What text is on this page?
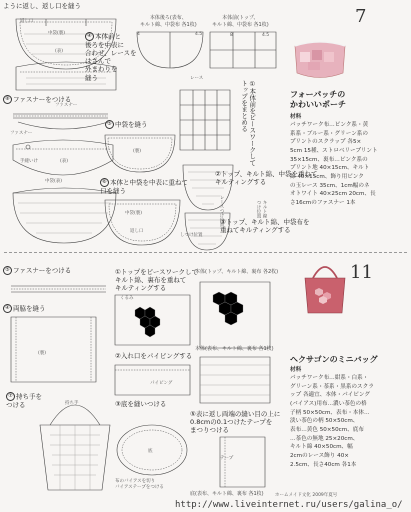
ように返し、返し口を縫う
中袋(裏)
(表)
返し口
⑧ ファスナーをつける
ファスナー
ファスナー
手縫いけ	(表)
中袋(表)
④ 本体前と
後ろを中表に
合わせ、レースを
はさんで
外まわりを
縫う
⑤ 中袋を縫う
(裏)
⑥ 本体と中袋を中表に重ねて
口を縫う
中袋(裏)
返し口
本体後ろ(表布、
キルト綿、中袋布 各1枚)
4	4.5
本体前(トップ、
キルト綿、中袋布 各1枚)
8	4.5
レース
①本体前をピースワークして
トップをまとめる
レースつけ位置
②トップ、キルト綿、中袋を重ねて
キルティングする
しつけ位置
③トップ、キルト綿、中袋布を
重ねてキルティングする
キルト線
つけ位置
7
フォーパッチの
かわいいポーチ
材料
パッチワーク布…ピンク系・黄
系系・ブルー系・グリーン系の
プリントのスクラップ 各5×
5cm 15種、ストロベリープリント
35×15cm、裏布…ピンク系の
プリント地 40×15cm、キルト
綿 40×15cm、飾り用ビンク
の玉レース 35cm、1cm幅のネ
オトワイト 40×25cm 20cm、長
さ16cmのファスナー 1本
⑤ ファスナーをつける
④ 両脇を縫う
(裏)
⑦ 持ち手を
つける	持ち手
①トップをピースワークして
キルト綿、裏布を重ねて
キルティングする
くるみ
②入れ口をパイピングする
パイピング
③底を縫いつける
底
布のバイアスを切り
バイアステープをつける
本体(トップ、キルト綿、裏布 各2枚)
本体(表布、キルト綿、裏布 各1枚)
⑤表に返し両端の縫い目の上に
0.8cmの0.1つけたテープを
まつりつける
テープ
底(表布、キルト綿、裏布 各1枚)
11
ヘクサゴンのミニバッグ
材料
パッチワーク布…紺系・白系・
グリーン系・茶系・黒系のスクラ
ップ 各適宜、本体・パイピング
(バイアス)用布…濃い茶色の格
子柄 50×50cm、表布・本体…
淡い茶色の柄 50×50cm、
表布…黄色 50×50cm、底布
…茶色の無地 25×20cm、
キルト綿 40×50cm、幅
2cmのレース飾り 40×
2.5cm、長さ40cm 各1本
ホームメイド文化 2009年夏号
http://www.liveinternet.ru/users/galina_o/
